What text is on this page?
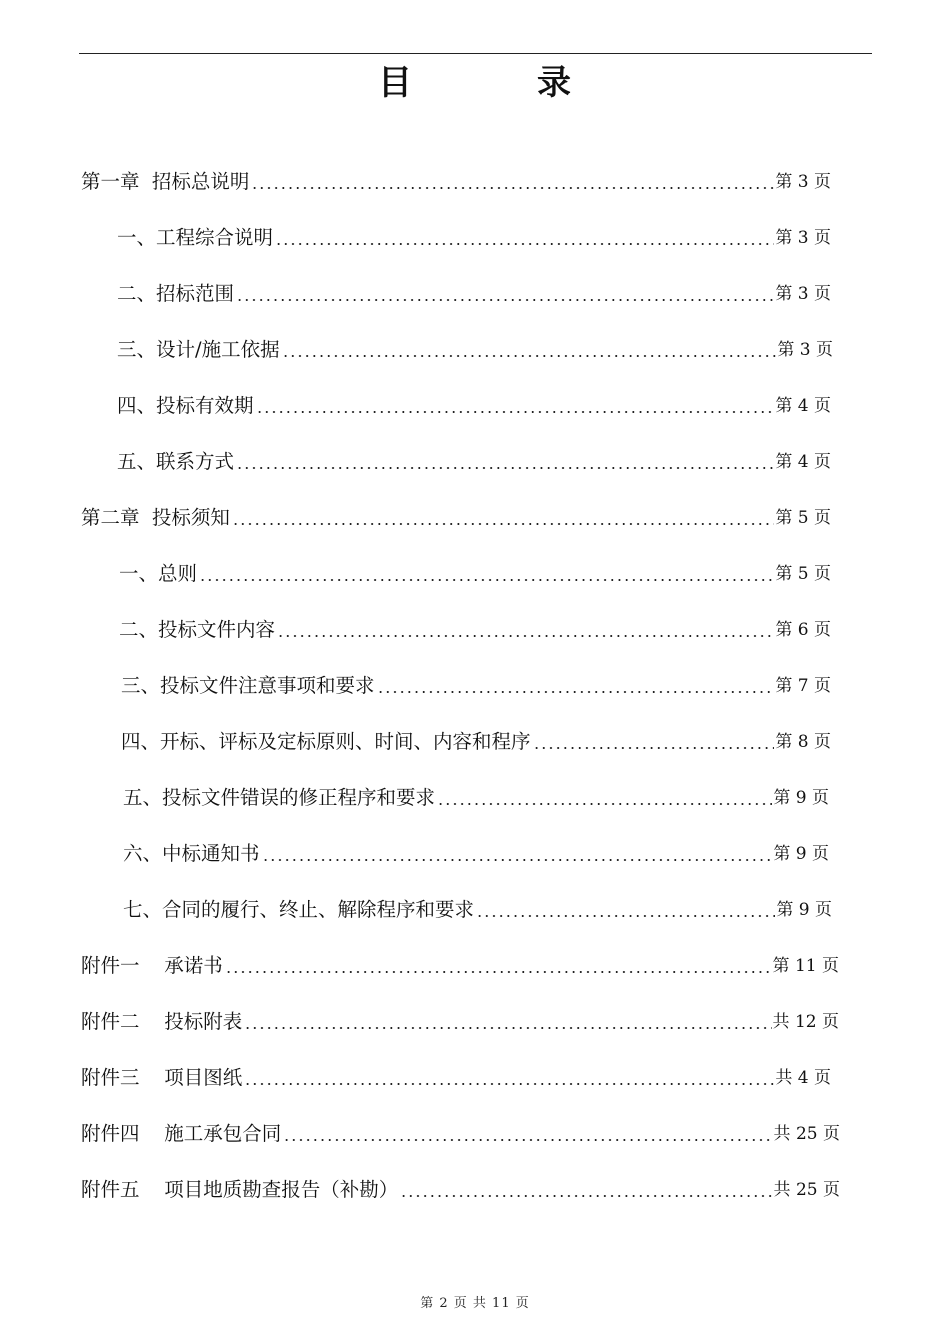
目	录
第一章  招标总说明	第 3 页
一、工程综合说明	第 3 页
二、招标范围	第 3 页
三、设计/施工依据	第 3 页
四、投标有效期	第 4 页
五、联系方式	第 4 页
第二章  投标须知	第 5 页
一、总则	第 5 页
二、投标文件内容	第 6 页
三、投标文件注意事项和要求	第 7 页
四、开标、评标及定标原则、时间、内容和程序	第 8 页
五、投标文件错误的修正程序和要求	第 9 页
六、中标通知书	第 9 页
七、合同的履行、终止、解除程序和要求	第 9 页
附件一    承诺书	第 11 页
附件二    投标附表	共 12 页
附件三    项目图纸	共 4 页
附件四    施工承包合同	共 25 页
附件五    项目地质勘查报告（补勘）	共 25 页
第 2 页 共 11 页
